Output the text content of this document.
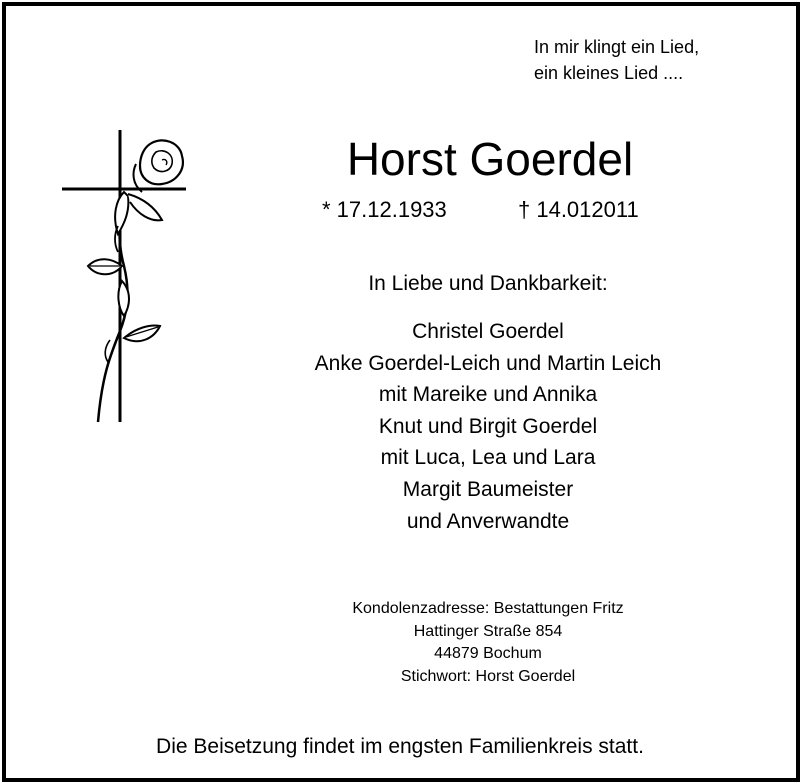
In mir klingt ein Lied,
ein kleines Lied ....
Horst Goerdel
* 17.12.1933	† 14.012011
In Liebe und Dankbarkeit:
Christel Goerdel
Anke Goerdel-Leich und Martin Leich
mit Mareike und Annika
Knut und Birgit Goerdel
mit Luca, Lea und Lara
Margit Baumeister
und Anverwandte
Kondolenzadresse: Bestattungen Fritz
Hattinger Straße 854
44879 Bochum
Stichwort: Horst Goerdel
Die Beisetzung findet im engsten Familienkreis statt.
